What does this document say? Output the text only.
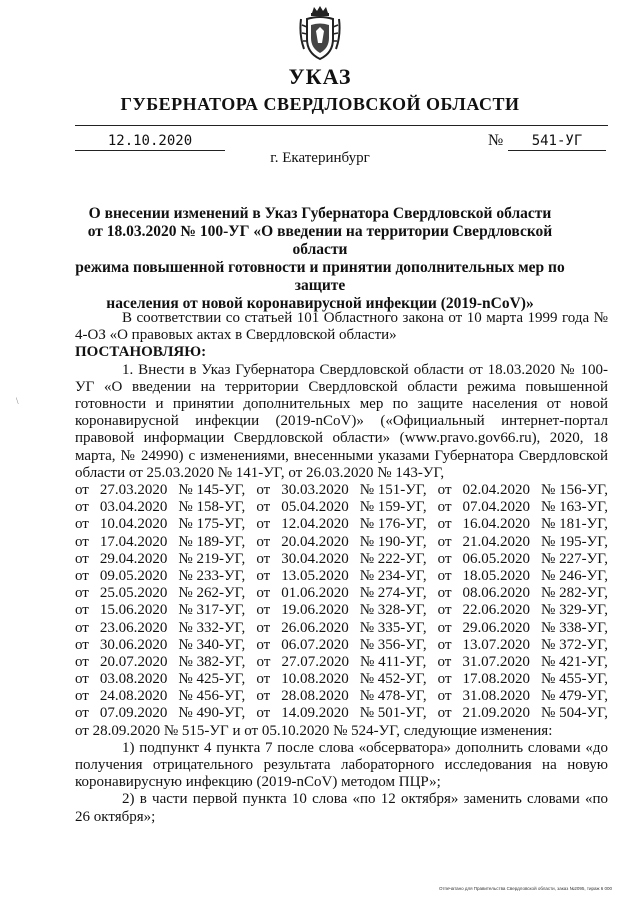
УКАЗ
ГУБЕРНАТОРА СВЕРДЛОВСКОЙ ОБЛАСТИ
12.10.2020	№	541-УГ
г. Екатеринбург
О внесении изменений в Указ Губернатора Свердловской области
от 18.03.2020 № 100-УГ «О введении на территории Свердловской области
режима повышенной готовности и принятии дополнительных мер по защите
населения от новой коронавирусной инфекции (2019-nCoV)»
\

В соответствии со статьей 101 Областного закона от 10 марта 1999 года № 4-ОЗ «О правовых актах в Свердловской области»

ПОСТАНОВЛЯЮ:

1. Внести в Указ Губернатора Свердловской области от 18.03.2020 № 100-УГ «О введении на территории Свердловской области режима повышенной готовности и принятии дополнительных мер по защите населения от новой коронавирусной инфекции (2019-nCoV)» («Официальный интернет-портал правовой информации Свердловской области» (www.pravo.gov66.ru), 2020, 18 марта, № 24990) с изменениями, внесенными указами Губернатора Свердловской области от 25.03.2020 № 141-УГ, от 26.03.2020 № 143-УГ,

от 27.03.2020 № 145-УГ, от 30.03.2020 № 151-УГ, от 02.04.2020 № 156-УГ,
от 03.04.2020 № 158-УГ, от 05.04.2020 № 159-УГ, от 07.04.2020 № 163-УГ,
от 10.04.2020 № 175-УГ, от 12.04.2020 № 176-УГ, от 16.04.2020 № 181-УГ,
от 17.04.2020 № 189-УГ, от 20.04.2020 № 190-УГ, от 21.04.2020 № 195-УГ,
от 29.04.2020 № 219-УГ, от 30.04.2020 № 222-УГ, от 06.05.2020 № 227-УГ,
от 09.05.2020 № 233-УГ, от 13.05.2020 № 234-УГ, от 18.05.2020 № 246-УГ,
от 25.05.2020 № 262-УГ, от 01.06.2020 № 274-УГ, от 08.06.2020 № 282-УГ,
от 15.06.2020 № 317-УГ, от 19.06.2020 № 328-УГ, от 22.06.2020 № 329-УГ,
от 23.06.2020 № 332-УГ, от 26.06.2020 № 335-УГ, от 29.06.2020 № 338-УГ,
от 30.06.2020 № 340-УГ, от 06.07.2020 № 356-УГ, от 13.07.2020 № 372-УГ,
от 20.07.2020 № 382-УГ, от 27.07.2020 № 411-УГ, от 31.07.2020 № 421-УГ,
от 03.08.2020 № 425-УГ, от 10.08.2020 № 452-УГ, от 17.08.2020 № 455-УГ,
от 24.08.2020 № 456-УГ, от 28.08.2020 № 478-УГ, от 31.08.2020 № 479-УГ,
от 07.09.2020 № 490-УГ, от 14.09.2020 № 501-УГ, от 21.09.2020 № 504-УГ,

от 28.09.2020 № 515-УГ и от 05.10.2020 № 524-УГ, следующие изменения:

1) подпункт 4 пункта 7 после слова «обсерватора» дополнить словами «до получения отрицательного результата лабораторного исследования на новую коронавирусную инфекцию (2019-nCoV) методом ПЦР»;

2) в части первой пункта 10 слова «по 12 октября» заменить словами «по 26 октября»;

Отпечатано для Правительства Свердловской области, заказ №2095, тираж 6 000
